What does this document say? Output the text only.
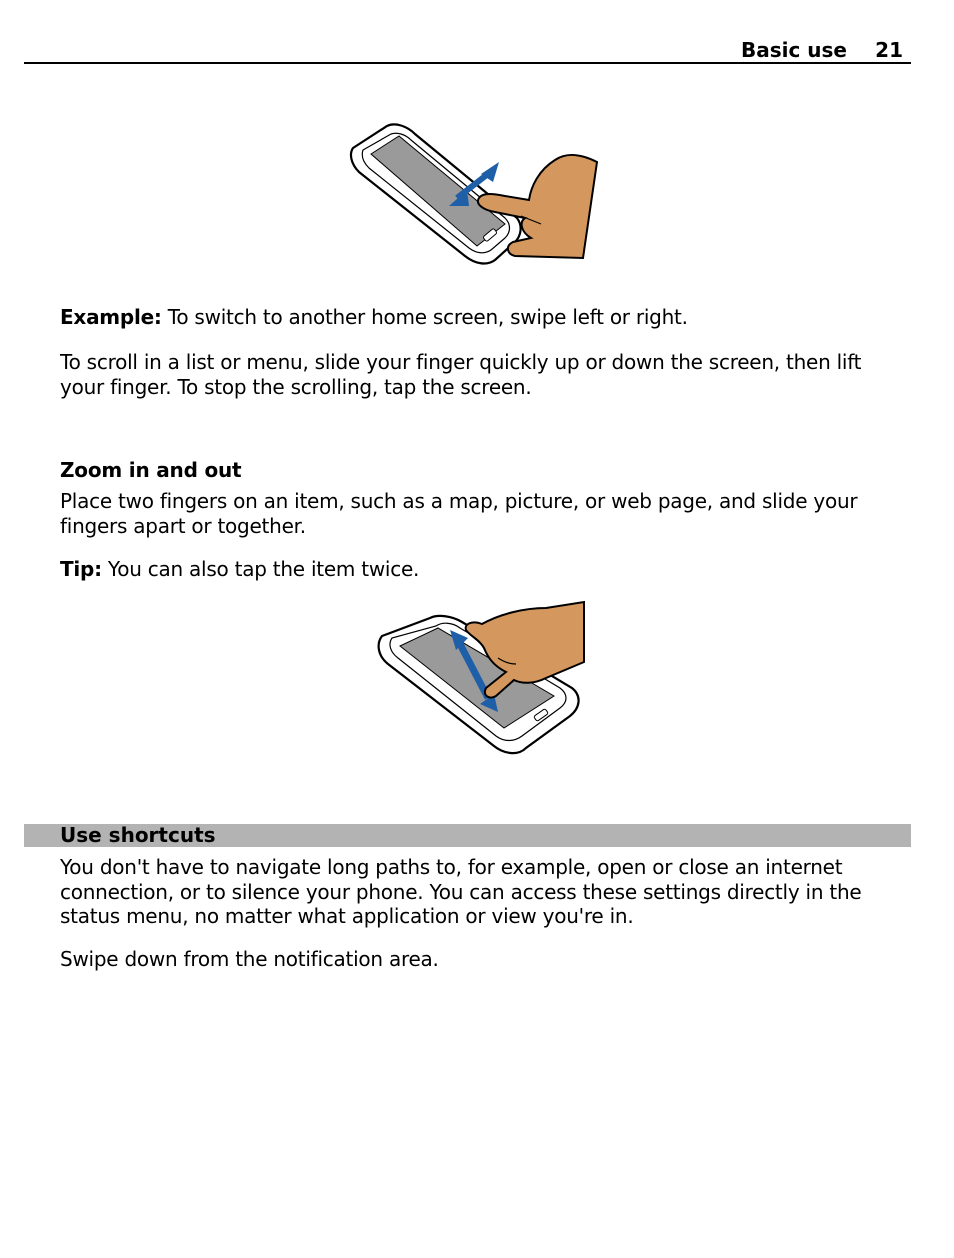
Basic use 21
Example: To switch to another home screen, swipe left or right.
To scroll in a list or menu, slide your finger quickly up or down the screen, then lift your finger. To stop the scrolling, tap the screen.
Zoom in and out
Place two fingers on an item, such as a map, picture, or web page, and slide your fingers apart or together.
Tip: You can also tap the item twice.
Use shortcuts
You don't have to navigate long paths to, for example, open or close an internet connection, or to silence your phone. You can access these settings directly in the status menu, no matter what application or view you're in.
Swipe down from the notification area.
